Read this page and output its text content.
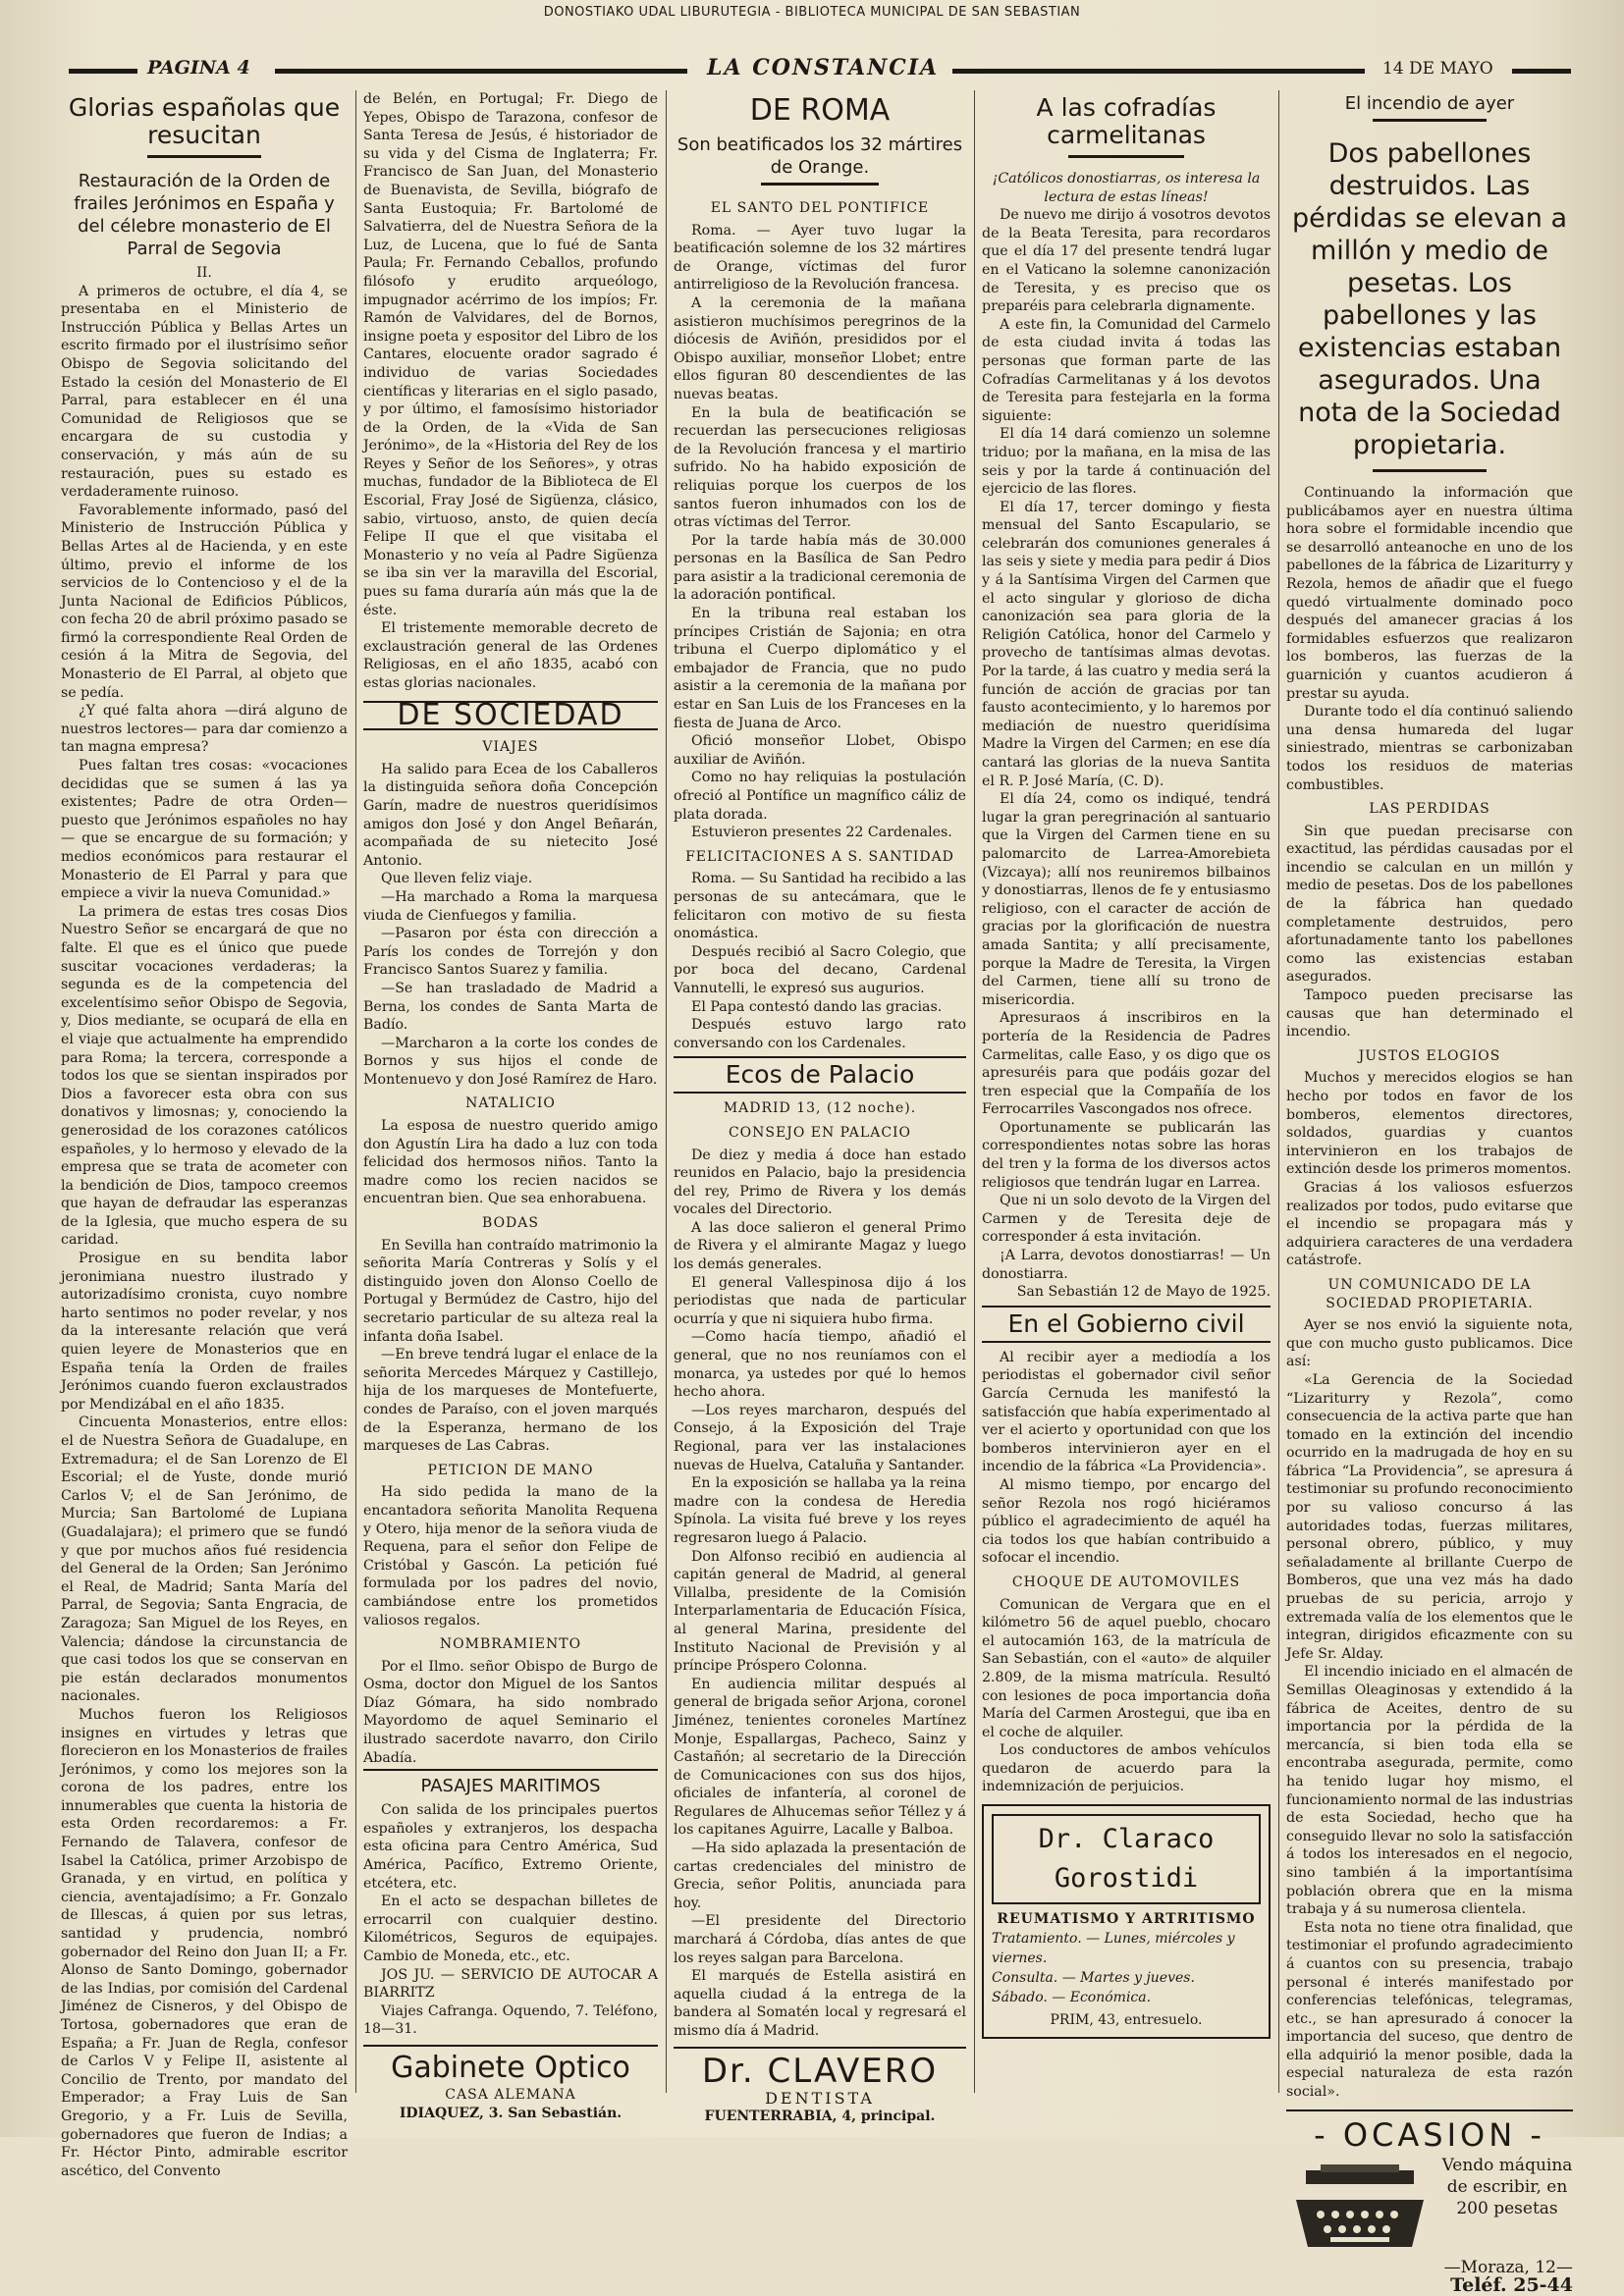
DONOSTIAKO UDAL LIBURUTEGIA - BIBLIOTECA MUNICIPAL DE SAN SEBASTIAN
PAGINA 4	LA CONSTANCIA	14 DE MAYO
Glorias españolas que resucitan
Restauración de la Orden de frailes Jerónimos en España y del célebre monasterio de El Parral de Segovia
II.

A primeros de octubre, el día 4, se presentaba en el Ministerio de Instrucción Pública y Bellas Artes un escrito firmado por el ilustrísimo señor Obispo de Segovia solicitando del Estado la cesión del Monasterio de El Parral, para establecer en él una Comunidad de Religiosos que se encargara de su custodia y conservación, y más aún de su restauración, pues su estado es verdaderamente ruinoso.

Favorablemente informado, pasó del Ministerio de Instrucción Pública y Bellas Artes al de Hacienda, y en este último, previo el informe de los servicios de lo Contencioso y el de la Junta Nacional de Edificios Públicos, con fecha 20 de abril próximo pasado se firmó la correspondiente Real Orden de cesión á la Mitra de Segovia, del Monasterio de El Parral, al objeto que se pedía.

¿Y qué falta ahora —dirá alguno de nuestros lectores— para dar comienzo a tan magna empresa?

Pues faltan tres cosas: «vocaciones decididas que se sumen á las ya existentes; Padre de otra Orden— puesto que Jerónimos españoles no hay— que se encargue de su formación; y medios económicos para restaurar el Monasterio de El Parral y para que empiece a vivir la nueva Comunidad.»

La primera de estas tres cosas Dios Nuestro Señor se encargará de que no falte. El que es el único que puede suscitar vocaciones verdaderas; la segunda es de la competencia del excelentísimo señor Obispo de Segovia, y, Dios mediante, se ocupará de ella en el viaje que actualmente ha emprendido para Roma; la tercera, corresponde a todos los que se sientan inspirados por Dios a favorecer esta obra con sus donativos y limosnas; y, conociendo la generosidad de los corazones católicos españoles, y lo hermoso y elevado de la empresa que se trata de acometer con la bendición de Dios, tampoco creemos que hayan de defraudar las esperanzas de la Iglesia, que mucho espera de su caridad.

Prosigue en su bendita labor jeronimiana nuestro ilustrado y autorizadísimo cronista, cuyo nombre harto sentimos no poder revelar, y nos da la interesante relación que verá quien leyere de Monasterios que en España tenía la Orden de frailes Jerónimos cuando fueron exclaustrados por Mendizábal en el año 1835.

Cincuenta Monasterios, entre ellos: el de Nuestra Señora de Guadalupe, en Extremadura; el de San Lorenzo de El Escorial; el de Yuste, donde murió Carlos V; el de San Jerónimo, de Murcia; San Bartolomé de Lupiana (Guadalajara); el primero que se fundó y que por muchos años fué residencia del General de la Orden; San Jerónimo el Real, de Madrid; Santa María del Parral, de Segovia; Santa Engracia, de Zaragoza; San Miguel de los Reyes, en Valencia; dándose la circunstancia de que casi todos los que se conservan en pie están declarados monumentos nacionales.

Muchos fueron los Religiosos insignes en virtudes y letras que florecieron en los Monasterios de frailes Jerónimos, y como los mejores son la corona de los padres, entre los innumerables que cuenta la historia de esta Orden recordaremos: a Fr. Fernando de Talavera, confesor de Isabel la Católica, primer Arzobispo de Granada, y en virtud, en política y ciencia, aventajadísimo; a Fr. Gonzalo de Illescas, á quien por sus letras, santidad y prudencia, nombró gobernador del Reino don Juan II; a Fr. Alonso de Santo Domingo, gobernador de las Indias, por comisión del Cardenal Jiménez de Cisneros, y del Obispo de Tortosa, gobernadores que eran de España; a Fr. Juan de Regla, confesor de Carlos V y Felipe II, asistente al Concilio de Trento, por mandato del Emperador; a Fray Luis de San Gregorio, y a Fr. Luis de Sevilla, gobernadores que fueron de Indias; a Fr. Héctor Pinto, admirable escritor ascético, del Convento

de Belén, en Portugal; Fr. Diego de Yepes, Obispo de Tarazona, confesor de Santa Teresa de Jesús, é historiador de su vida y del Cisma de Inglaterra; Fr. Francisco de San Juan, del Monasterio de Buenavista, de Sevilla, biógrafo de Santa Eustoquia; Fr. Bartolomé de Salvatierra, del de Nuestra Señora de la Luz, de Lucena, que lo fué de Santa Paula; Fr. Fernando Ceballos, profundo filósofo y erudito arqueólogo, impugnador acérrimo de los impíos; Fr. Ramón de Valvidares, del de Bornos, insigne poeta y espositor del Libro de los Cantares, elocuente orador sagrado é individuo de varias Sociedades científicas y literarias en el siglo pasado, y por último, el famosísimo historiador de la Orden, de la «Vida de San Jerónimo», de la «Historia del Rey de los Reyes y Señor de los Señores», y otras muchas, fundador de la Biblioteca de El Escorial, Fray José de Sigüenza, clásico, sabio, virtuoso, ansto, de quien decía Felipe II que el que visitaba el Monasterio y no veía al Padre Sigüenza se iba sin ver la maravilla del Escorial, pues su fama duraría aún más que la de éste.

El tristemente memorable decreto de exclaustración general de las Ordenes Religiosas, en el año 1835, acabó con estas glorias nacionales.

DE SOCIEDAD
VIAJES

Ha salido para Ecea de los Caballeros la distinguida señora doña Concepción Garín, madre de nuestros queridísimos amigos don José y don Angel Beñarán, acompañada de su nietecito José Antonio.

Que lleven feliz viaje.

—Ha marchado a Roma la marquesa viuda de Cienfuegos y familia.

—Pasaron por ésta con dirección a París los condes de Torrejón y don Francisco Santos Suarez y familia.

—Se han trasladado de Madrid a Berna, los condes de Santa Marta de Badío.

—Marcharon a la corte los condes de Bornos y sus hijos el conde de Montenuevo y don José Ramírez de Haro.

NATALICIO

La esposa de nuestro querido amigo don Agustín Lira ha dado a luz con toda felicidad dos hermosos niños. Tanto la madre como los recien nacidos se encuentran bien. Que sea enhorabuena.

BODAS

En Sevilla han contraído matrimonio la señorita María Contreras y Solís y el distinguido joven don Alonso Coello de Portugal y Bermúdez de Castro, hijo del secretario particular de su alteza real la infanta doña Isabel.

—En breve tendrá lugar el enlace de la señorita Mercedes Márquez y Castillejo, hija de los marqueses de Montefuerte, condes de Paraíso, con el joven marqués de la Esperanza, hermano de los marqueses de Las Cabras.

PETICION DE MANO

Ha sido pedida la mano de la encantadora señorita Manolita Requena y Otero, hija menor de la señora viuda de Requena, para el señor don Felipe de Cristóbal y Gascón. La petición fué formulada por los padres del novio, cambiándose entre los prometidos valiosos regalos.

NOMBRAMIENTO

Por el Ilmo. señor Obispo de Burgo de Osma, doctor don Miguel de los Santos Díaz Gómara, ha sido nombrado Mayordomo de aquel Seminario el ilustrado sacerdote navarro, don Cirilo Abadía.

PASAJES MARITIMOS

Con salida de los principales puertos españoles y extranjeros, los despacha esta oficina para Centro América, Sud América, Pacífico, Extremo Oriente, etcétera, etc.

En el acto se despachan billetes de errocarril con cualquier destino. Kilométricos, Seguros de equipajes. Cambio de Moneda, etc., etc.

JOS JU. — SERVICIO DE AUTOCAR A BIARRITZ

Viajes Cafranga. Oquendo, 7. Teléfono, 18—31.

Gabinete Optico
CASA ALEMANA
IDIAQUEZ, 3. San Sebastián.
DE ROMA
Son beatificados los 32 mártires de Orange.
EL SANTO DEL PONTIFICE

Roma. — Ayer tuvo lugar la beatificación solemne de los 32 mártires de Orange, víctimas del furor antirreligioso de la Revolución francesa.

A la ceremonia de la mañana asistieron muchísimos peregrinos de la diócesis de Aviñón, presididos por el Obispo auxiliar, monseñor Llobet; entre ellos figuran 80 descendientes de las nuevas beatas.

En la bula de beatificación se recuerdan las persecuciones religiosas de la Revolución francesa y el martirio sufrido. No ha habido exposición de reliquias porque los cuerpos de los santos fueron inhumados con los de otras víctimas del Terror.

Por la tarde había más de 30.000 personas en la Basílica de San Pedro para asistir a la tradicional ceremonia de la adoración pontifical.

En la tribuna real estaban los príncipes Cristián de Sajonia; en otra tribuna el Cuerpo diplomático y el embajador de Francia, que no pudo asistir a la ceremonia de la mañana por estar en San Luis de los Franceses en la fiesta de Juana de Arco.

Ofició monseñor Llobet, Obispo auxiliar de Aviñón.

Como no hay reliquias la postulación ofreció al Pontífice un magnífico cáliz de plata dorada.

Estuvieron presentes 22 Cardenales.

FELICITACIONES A S. SANTIDAD

Roma. — Su Santidad ha recibido a las personas de su antecámara, que le felicitaron con motivo de su fiesta onomástica.

Después recibió al Sacro Colegio, que por boca del decano, Cardenal Vannutelli, le expresó sus augurios.

El Papa contestó dando las gracias.

Después estuvo largo rato conversando con los Cardenales.

Ecos de Palacio
MADRID 13, (12 noche).
CONSEJO EN PALACIO

De diez y media á doce han estado reunidos en Palacio, bajo la presidencia del rey, Primo de Rivera y los demás vocales del Directorio.

A las doce salieron el general Primo de Rivera y el almirante Magaz y luego los demás generales.

El general Vallespinosa dijo á los periodistas que nada de particular ocurría y que ni siquiera hubo firma.

—Como hacía tiempo, añadió el general, que no nos reuníamos con el monarca, ya ustedes por qué lo hemos hecho ahora.

—Los reyes marcharon, después del Consejo, á la Exposición del Traje Regional, para ver las instalaciones nuevas de Huelva, Cataluña y Santander.

En la exposición se hallaba ya la reina madre con la condesa de Heredia Spínola. La visita fué breve y los reyes regresaron luego á Palacio.

Don Alfonso recibió en audiencia al capitán general de Madrid, al general Villalba, presidente de la Comisión Interparlamentaria de Educación Física, al general Marina, presidente del Instituto Nacional de Previsión y al príncipe Próspero Colonna.

En audiencia militar después al general de brigada señor Arjona, coronel Jiménez, tenientes coroneles Martínez Monje, Espallargas, Pacheco, Sainz y Castañón; al secretario de la Dirección de Comunicaciones con sus dos hijos, oficiales de infantería, al coronel de Regulares de Alhucemas señor Téllez y á los capitanes Aguirre, Lacalle y Balboa.

—Ha sido aplazada la presentación de cartas credenciales del ministro de Grecia, señor Politis, anunciada para hoy.

—El presidente del Directorio marchará á Córdoba, días antes de que los reyes salgan para Barcelona.

El marqués de Estella asistirá en aquella ciudad á la entrega de la bandera al Somatén local y regresará el mismo día á Madrid.

Dr. CLAVERO
DENTISTA
FUENTERRABIA, 4, principal.
A las cofradías carmelitanas

¡Católicos donostiarras, os interesa la lectura de estas líneas!

De nuevo me dirijo á vosotros devotos de la Beata Teresita, para recordaros que el día 17 del presente tendrá lugar en el Vaticano la solemne canonización de Teresita, y es preciso que os preparéis para celebrarla dignamente.

A este fin, la Comunidad del Carmelo de esta ciudad invita á todas las personas que forman parte de las Cofradías Carmelitanas y á los devotos de Teresita para festejarla en la forma siguiente:

El día 14 dará comienzo un solemne triduo; por la mañana, en la misa de las seis y por la tarde á continuación del ejercicio de las flores.

El día 17, tercer domingo y fiesta mensual del Santo Escapulario, se celebrarán dos comuniones generales á las seis y siete y media para pedir á Dios y á la Santísima Virgen del Carmen que el acto singular y glorioso de dicha canonización sea para gloria de la Religión Católica, honor del Carmelo y provecho de tantísimas almas devotas. Por la tarde, á las cuatro y media será la función de acción de gracias por tan fausto acontecimiento, y lo haremos por mediación de nuestro queridísima Madre la Virgen del Carmen; en ese día cantará las glorias de la nueva Santita el R. P. José María, (C. D).

El día 24, como os indiqué, tendrá lugar la gran peregrinación al santuario que la Virgen del Carmen tiene en su palomarcito de Larrea-Amorebieta (Vizcaya); allí nos reuniremos bilbainos y donostiarras, llenos de fe y entusiasmo religioso, con el caracter de acción de gracias por la glorificación de nuestra amada Santita; y allí precisamente, porque la Madre de Teresita, la Virgen del Carmen, tiene allí su trono de misericordia.

Apresuraos á inscribiros en la portería de la Residencia de Padres Carmelitas, calle Easo, y os digo que os apresuréis para que podáis gozar del tren especial que la Compañía de los Ferrocarriles Vascongados nos ofrece.

Oportunamente se publicarán las correspondientes notas sobre las horas del tren y la forma de los diversos actos religiosos que tendrán lugar en Larrea.

Que ni un solo devoto de la Virgen del Carmen y de Teresita deje de corresponder á esta invitación.

¡A Larra, devotos donostiarras! — Un donostiarra.

San Sebastián 12 de Mayo de 1925.

En el Gobierno civil

Al recibir ayer a mediodía a los periodistas el gobernador civil señor García Cernuda les manifestó la satisfacción que había experimentado al ver el acierto y oportunidad con que los bomberos intervinieron ayer en el incendio de la fábrica «La Providencia».

Al mismo tiempo, por encargo del señor Rezola nos rogó hiciéramos público el agradecimiento de aquél ha cia todos los que habían contribuido a sofocar el incendio.

CHOQUE DE AUTOMOVILES

Comunican de Vergara que en el kilómetro 56 de aquel pueblo, chocaro el autocamión 163, de la matrícula de San Sebastián, con el «auto» de alquiler 2.809, de la misma matrícula. Resultó con lesiones de poca importancia doña María del Carmen Arostegui, que iba en el coche de alquiler.

Los conductores de ambos vehículos quedaron de acuerdo para la indemnización de perjuicios.

Dr. Claraco Gorostidi
REUMATISMO Y ARTRITISMO
Tratamiento. — Lunes, miércoles y viernes.
Consulta. — Martes y jueves.
Sábado. — Económica.
PRIM, 43, entresuelo.
El incendio de ayer
Dos pabellones destruidos. Las pérdidas se elevan a millón y medio de pesetas. Los pabellones y las existencias estaban asegurados. Una nota de la Sociedad propietaria.

Continuando la información que publicábamos ayer en nuestra última hora sobre el formidable incendio que se desarrolló anteanoche en uno de los pabellones de la fábrica de Lizariturry y Rezola, hemos de añadir que el fuego quedó virtualmente dominado poco después del amanecer gracias á los formidables esfuerzos que realizaron los bomberos, las fuerzas de la guarnición y cuantos acudieron á prestar su ayuda.

Durante todo el día continuó saliendo una densa humareda del lugar siniestrado, mientras se carbonizaban todos los residuos de materias combustibles.

LAS PERDIDAS

Sin que puedan precisarse con exactitud, las pérdidas causadas por el incendio se calculan en un millón y medio de pesetas. Dos de los pabellones de la fábrica han quedado completamente destruidos, pero afortunadamente tanto los pabellones como las existencias estaban asegurados.

Tampoco pueden precisarse las causas que han determinado el incendio.

JUSTOS ELOGIOS

Muchos y merecidos elogios se han hecho por todos en favor de los bomberos, elementos directores, soldados, guardias y cuantos intervinieron en los trabajos de extinción desde los primeros momentos.

Gracias á los valiosos esfuerzos realizados por todos, pudo evitarse que el incendio se propagara más y adquiriera caracteres de una verdadera catástrofe.

UN COMUNICADO DE LA SOCIEDAD PROPIETARIA.

Ayer se nos envió la siguiente nota, que con mucho gusto publicamos. Dice así:

«La Gerencia de la Sociedad “Lizariturry y Rezola”, como consecuencia de la activa parte que han tomado en la extinción del incendio ocurrido en la madrugada de hoy en su fábrica “La Providencia”, se apresura á testimoniar su profundo reconocimiento por su valioso concurso á las autoridades todas, fuerzas militares, personal obrero, público, y muy señaladamente al brillante Cuerpo de Bomberos, que una vez más ha dado pruebas de su pericia, arrojo y extremada valía de los elementos que le integran, dirigidos eficazmente con su Jefe Sr. Alday.

El incendio iniciado en el almacén de Semillas Oleaginosas y extendido á la fábrica de Aceites, dentro de su importancia por la pérdida de la mercancía, si bien toda ella se encontraba asegurada, permite, como ha tenido lugar hoy mismo, el funcionamiento normal de las industrias de esta Sociedad, hecho que ha conseguido llevar no solo la satisfacción á todos los interesados en el negocio, sino también á la importantísima población obrera que en la misma trabaja y á su numerosa clientela.

Esta nota no tiene otra finalidad, que testimoniar el profundo agradecimiento á cuantos con su presencia, trabajo personal é interés manifestado por conferencias telefónicas, telegramas, etc., se han apresurado á conocer la importancia del suceso, que dentro de ella adquirió la menor posible, dada la especial naturaleza de esta razón social».

- OCASION -
Vendo máquina de escribir, en 200 pesetas
—Moraza, 12—
Teléf. 25-44
